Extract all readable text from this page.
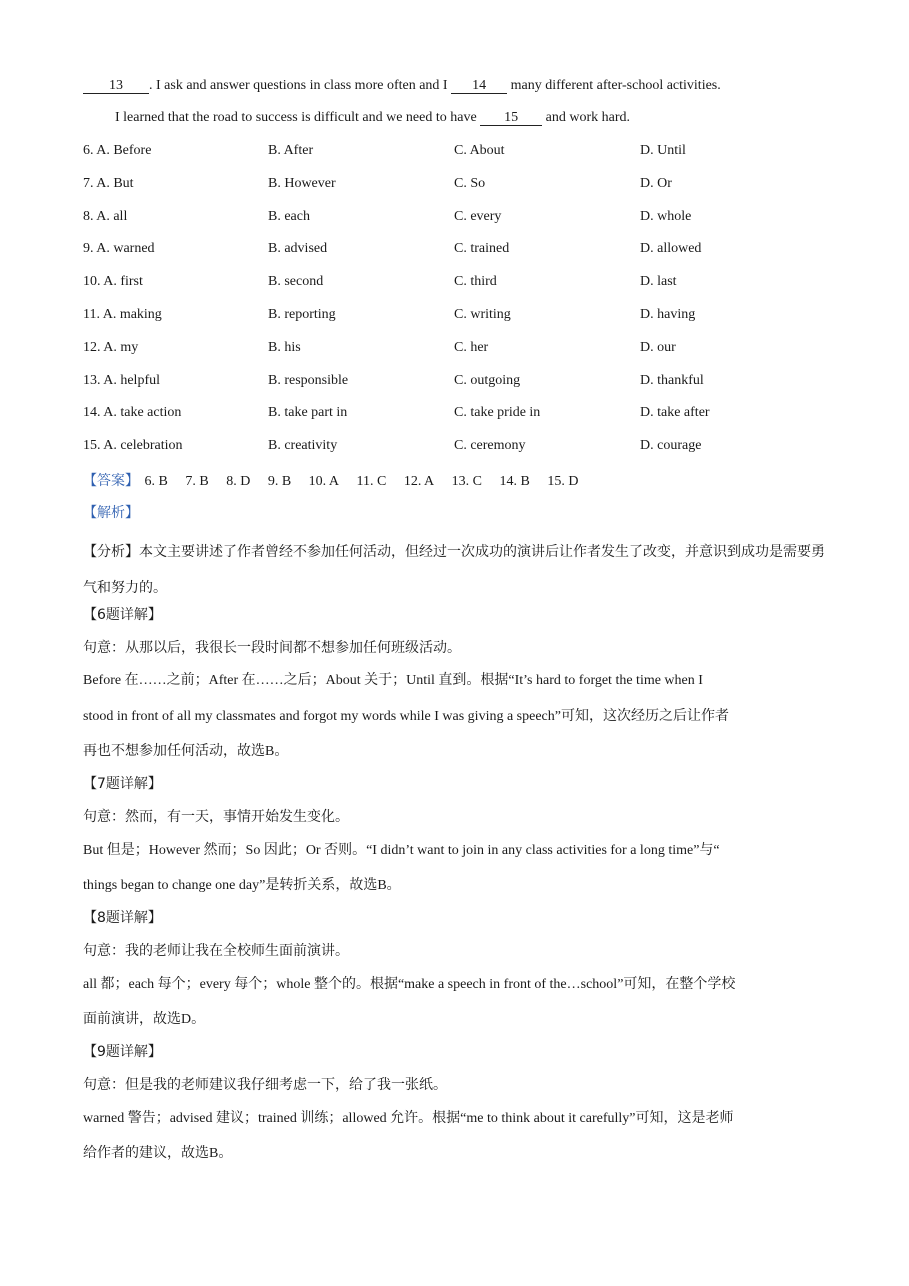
13 . I ask and answer questions in class more often and I 14 many different after-school activities.
I learned that the road to success is difficult and we need to have 15 and work hard.
6. A. Before	B. After	C. About	D. Until
7. A. But	B. However	C. So	D. Or
8. A. all	B. each	C. every	D. whole
9. A. warned	B. advised	C. trained	D. allowed
10. A. first	B. second	C. third	D. last
11. A. making	B. reporting	C. writing	D. having
12. A. my	B. his	C. her	D. our
13. A. helpful	B. responsible	C. outgoing	D. thankful
14. A. take action	B. take part in	C. take pride in	D. take after
15. A. celebration	B. creativity	C. ceremony	D. courage
【答案】 6. B 7. B 8. D 9. B 10. A 11. C 12. A 13. C 14. B 15. D
【解析】
【分析】本文主要讲述了作者曾经不参加任何活动，但经过一次成功的演讲后让作者发生了改变，并意识到成功是需要勇气和努力的。
【6题详解】
句意：从那以后，我很长一段时间都不想参加任何班级活动。
Before 在……之前；After 在……之后；About 关于；Until 直到。根据“It’s hard to forget the time when I
stood in front of all my classmates and forgot my words while I was giving a speech”可知，这次经历之后让作者
再也不想参加任何活动，故选B。
【7题详解】
句意：然而，有一天，事情开始发生变化。
But 但是；However 然而；So 因此；Or 否则。“I didn’t want to join in any class activities for a long time”与“
things began to change one day”是转折关系，故选B。
【8题详解】
句意：我的老师让我在全校师生面前演讲。
all 都；each 每个；every 每个；whole 整个的。根据“make a speech in front of the…school”可知，在整个学校
面前演讲，故选D。
【9题详解】
句意：但是我的老师建议我仔细考虑一下，给了我一张纸。
warned 警告；advised 建议；trained 训练；allowed 允许。根据“me to think about it carefully”可知，这是老师
给作者的建议，故选B。
